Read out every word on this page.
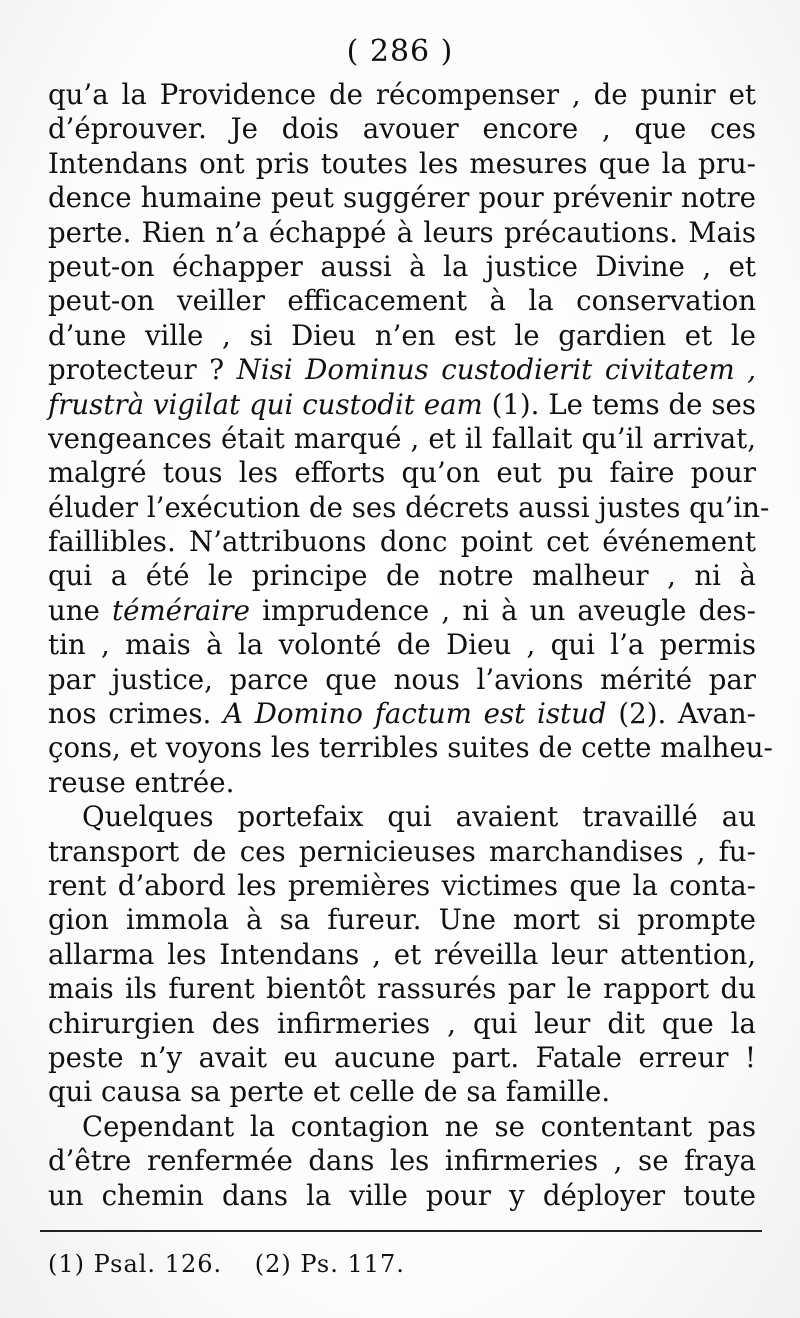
( 286 )
qu’a la Providence de récompenser , de punir et
d’éprouver. Je dois avouer encore , que ces
Intendans ont pris toutes les mesures que la pru-
dence humaine peut suggérer pour prévenir notre
perte. Rien n’a échappé à leurs précautions. Mais
peut-on échapper aussi à la justice Divine , et
peut-on veiller efficacement à la conservation
d’une ville , si Dieu n’en est le gardien et le
protecteur ? Nisi Dominus custodierit civitatem ,
frustrà vigilat qui custodit eam (1). Le tems de ses
vengeances était marqué , et il fallait qu’il arrivat,
malgré tous les efforts qu’on eut pu faire pour
éluder l’exécution de ses décrets aussi justes qu’in-
faillibles. N’attribuons donc point cet événement
qui a été le principe de notre malheur , ni à
une téméraire imprudence , ni à un aveugle des-
tin , mais à la volonté de Dieu , qui l’a permis
par justice, parce que nous l’avions mérité par
nos crimes. A Domino factum est istud (2). Avan-
çons, et voyons les terribles suites de cette malheu-
reuse entrée.
Quelques portefaix qui avaient travaillé au
transport de ces pernicieuses marchandises , fu-
rent d’abord les premières victimes que la conta-
gion immola à sa fureur. Une mort si prompte
allarma les Intendans , et réveilla leur attention,
mais ils furent bientôt rassurés par le rapport du
chirurgien des infirmeries , qui leur dit que la
peste n’y avait eu aucune part. Fatale erreur !
qui causa sa perte et celle de sa famille.
Cependant la contagion ne se contentant pas
d’être renfermée dans les infirmeries , se fraya
un chemin dans la ville pour y déployer toute
(1) Psal. 126. (2) Ps. 117.
